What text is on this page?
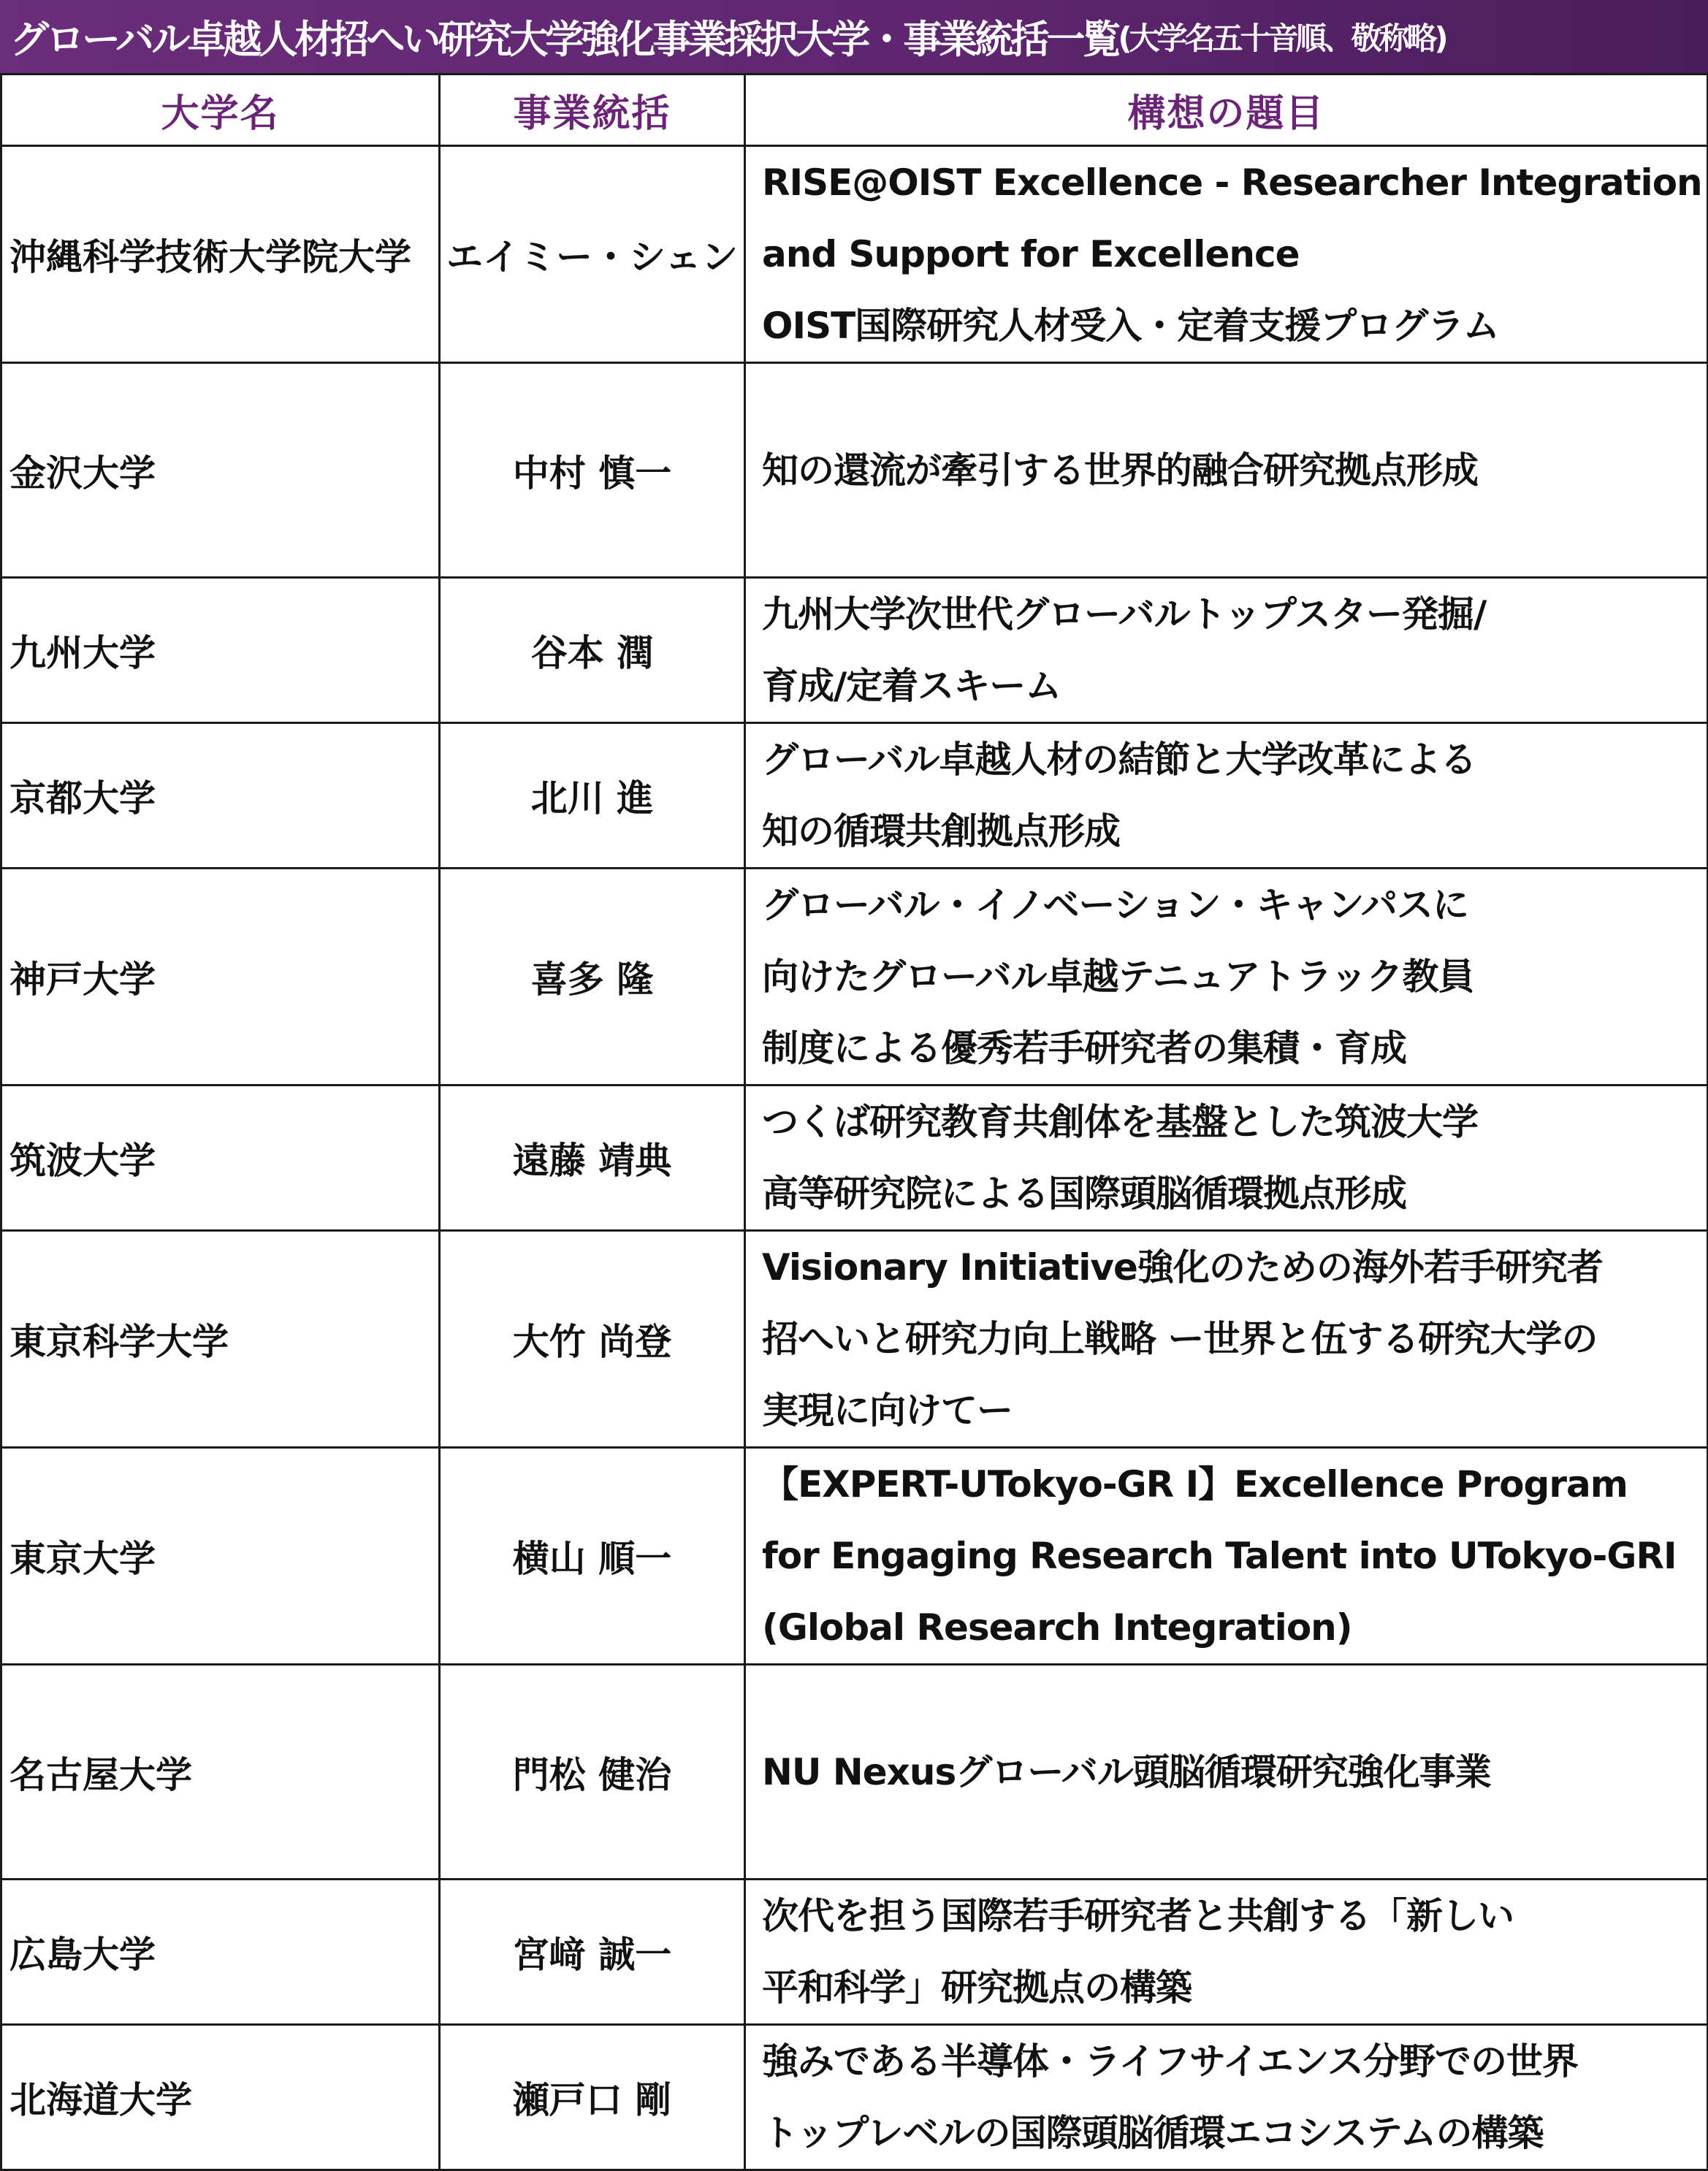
グローバル卓越人材招へい研究大学強化事業採択大学・事業統括一覧 (大学名五十音順、敬称略)
大学名	事業統括	構想の題目
沖縄科学技術大学院大学	エイミー・シェン	RISE@OIST Excellence - Researcher Integration
and Support for Excellence
OIST国際研究人材受入・定着支援プログラム

金沢大学	中村 慎一	知の還流が牽引する世界的融合研究拠点形成

九州大学	谷本 潤	九州大学次世代グローバルトップスター発掘/
育成/定着スキーム

京都大学	北川 進	グローバル卓越人材の結節と大学改革による
知の循環共創拠点形成

神戸大学	喜多 隆	グローバル・イノベーション・キャンパスに
向けたグローバル卓越テニュアトラック教員
制度による優秀若手研究者の集積・育成

筑波大学	遠藤 靖典	つくば研究教育共創体を基盤とした筑波大学
高等研究院による国際頭脳循環拠点形成

東京科学大学	大竹 尚登	Visionary Initiative強化のための海外若手研究者
招へいと研究力向上戦略 ー世界と伍する研究大学の
実現に向けてー

東京大学	横山 順一	【EXPERT-UTokyo-GR I】Excellence Program
for Engaging Research Talent into UTokyo-GRI
(Global Research Integration)

名古屋大学	門松 健治	NU Nexusグローバル頭脳循環研究強化事業

広島大学	宮﨑 誠一	次代を担う国際若手研究者と共創する「新しい
平和科学」研究拠点の構築

北海道大学	瀬戸口 剛	強みである半導体・ライフサイエンス分野での世界
トップレベルの国際頭脳循環エコシステムの構築
